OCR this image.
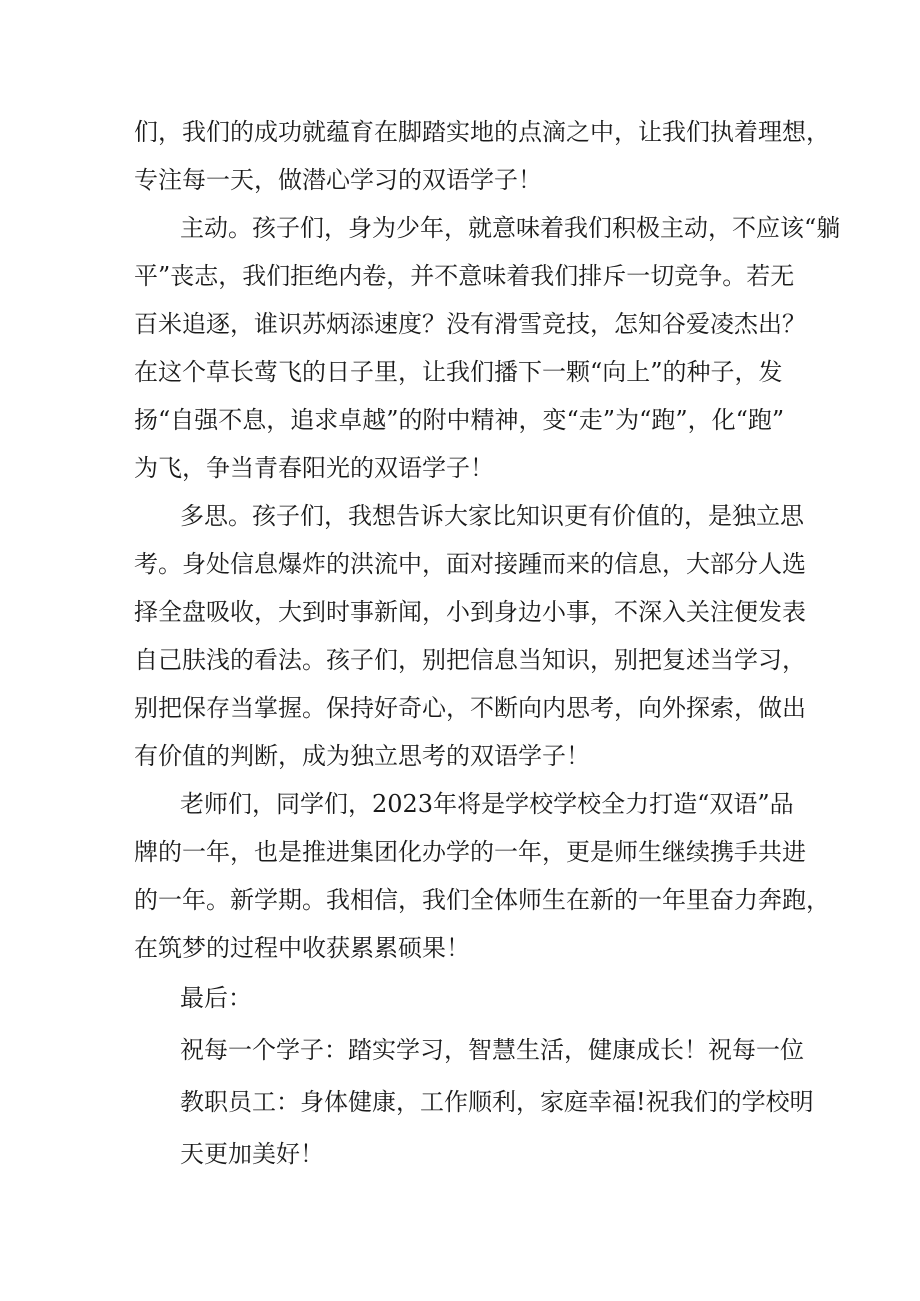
们，我们的成功就蕴育在脚踏实地的点滴之中，让我们执着理想，
专注每一天，做潜心学习的双语学子！
主动。孩子们，身为少年，就意味着我们积极主动，不应该“躺
平”丧志，我们拒绝内卷，并不意味着我们排斥一切竞争。若无
百米追逐，谁识苏炳添速度？没有滑雪竞技，怎知谷爱凌杰出？
在这个草长莺飞的日子里，让我们播下一颗“向上”的种子，发
扬“自强不息，追求卓越”的附中精神，变“走”为“跑”，化“跑”
为飞，争当青春阳光的双语学子！
多思。孩子们，我想告诉大家比知识更有价值的，是独立思
考。身处信息爆炸的洪流中，面对接踵而来的信息，大部分人选
择全盘吸收，大到时事新闻，小到身边小事，不深入关注便发表
自己肤浅的看法。孩子们，别把信息当知识，别把复述当学习，
别把保存当掌握。保持好奇心，不断向内思考，向外探索，做出
有价值的判断，成为独立思考的双语学子！
老师们，同学们，2023年将是学校学校全力打造“双语”品
牌的一年，也是推进集团化办学的一年，更是师生继续携手共进
的一年。新学期。我相信，我们全体师生在新的一年里奋力奔跑，
在筑梦的过程中收获累累硕果！
最后：
祝每一个学子：踏实学习，智慧生活，健康成长！祝每一位
教职员工：身体健康，工作顺利，家庭幸福!祝我们的学校明
天更加美好！
